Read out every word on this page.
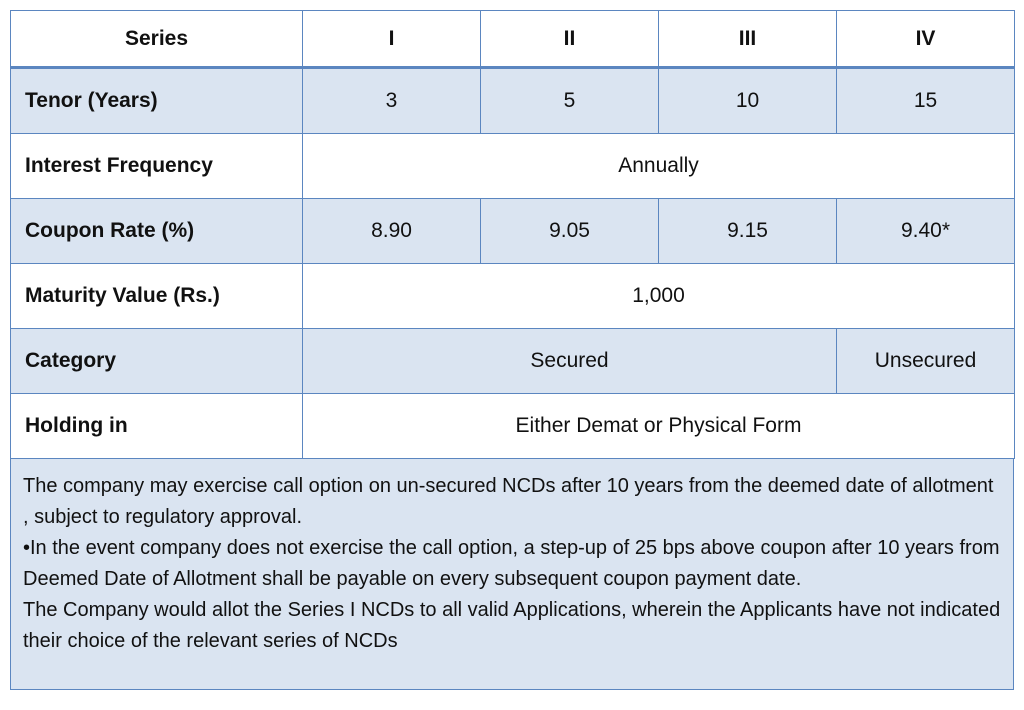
Series	I	II	III	IV
Tenor (Years)	3	5	10	15
Interest Frequency	Annually			
Coupon Rate (%)	8.90	9.05	9.15	9.40*
Maturity Value (Rs.)	1,000			
Category	Secured			Unsecured
Holding in	Either Demat or Physical Form			

The company may exercise call option on un-secured NCDs after 10 years from the deemed date of allotment , subject to regulatory approval.

•In the event company does not exercise the call option, a step-up of 25 bps above coupon after 10 years from Deemed Date of Allotment shall be payable on every subsequent coupon payment date.

The Company would allot the Series I NCDs to all valid Applications, wherein the Applicants have not indicated their choice of the relevant series of NCDs
